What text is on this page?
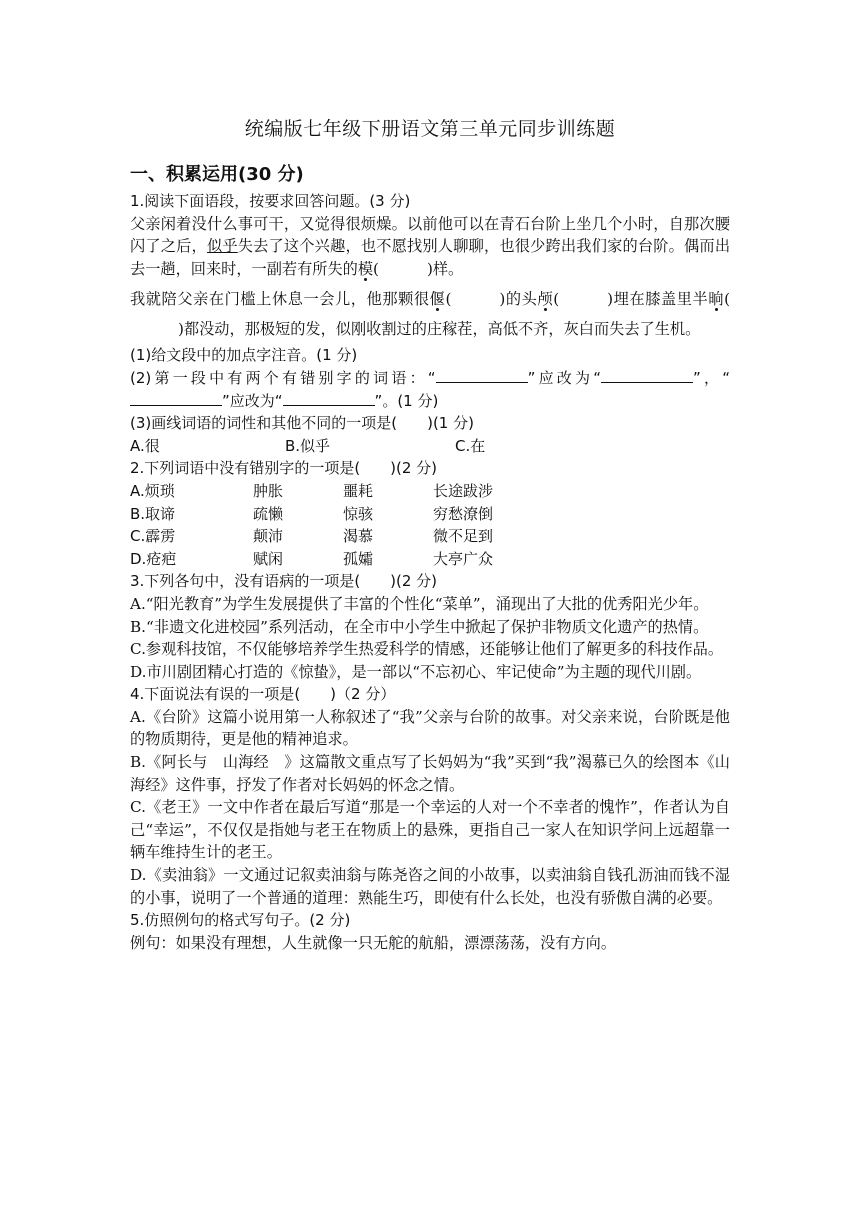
统编版七年级下册语文第三单元同步训练题
一、积累运用(30 分)

1.阅读下面语段，按要求回答问题。(3 分)

父亲闲着没什么事可干，又觉得很烦燥。以前他可以在青石台阶上坐几个小时，自那次腰闪了之后，似乎失去了这个兴趣，也不愿找别人聊聊，也很少跨出我们家的台阶。偶而出去一趟，回来时，一副若有所失的模(	)样。

我就陪父亲在门槛上休息一会儿，他那颗很偃(	)的头颅(	)埋在膝盖里半晌()都没动，那极短的发，似刚收割过的庄稼茬，高低不齐，灰白而失去了生机。

(1)给文段中的加点字注音。(1 分)

(2)第一段中有两个有错别字的词语：“	”应改为“	”，“”应改为“	”。(1 分)

(3)画线词语的词性和其他不同的一项是(　　)(1 分)

A.很	B.似乎	C.在

2.下列词语中没有错别字的一项是(　　)(2 分)

A.烦琐	肿胀	噩耗	长途跋涉

B.取谛	疏懒	惊骇	穷愁潦倒

C.霹雳	颠沛	渴慕	微不足到

D.疮疤	赋闲	孤孀	大亭广众

3.下列各句中，没有语病的一项是(　　)(2 分)

A.“阳光教育”为学生发展提供了丰富的个性化“菜单”，涌现出了大批的优秀阳光少年。

B.“非遗文化进校园”系列活动，在全市中小学生中掀起了保护非物质文化遗产的热情。

C.参观科技馆，不仅能够培养学生热爱科学的情感，还能够让他们了解更多的科技作品。

D.市川剧团精心打造的《惊蛰》，是一部以“不忘初心、牢记使命”为主题的现代川剧。

4.下面说法有误的一项是(　　)（2 分）

A.《台阶》这篇小说用第一人称叙述了“我”父亲与台阶的故事。对父亲来说，台阶既是他的物质期待，更是他的精神追求。

B.《阿长与　山海经　》这篇散文重点写了长妈妈为“我”买到“我”渴慕已久的绘图本《山海经》这件事，抒发了作者对长妈妈的怀念之情。

C.《老王》一文中作者在最后写道“那是一个幸运的人对一个不幸者的愧怍”，作者认为自己“幸运”，不仅仅是指她与老王在物质上的悬殊，更指自己一家人在知识学问上远超靠一辆车维持生计的老王。

D.《卖油翁》一文通过记叙卖油翁与陈尧咨之间的小故事，以卖油翁自钱孔沥油而钱不湿的小事，说明了一个普通的道理：熟能生巧，即使有什么长处，也没有骄傲自满的必要。

5.仿照例句的格式写句子。(2 分)

例句：如果没有理想，人生就像一只无舵的航船，漂漂荡荡，没有方向。
